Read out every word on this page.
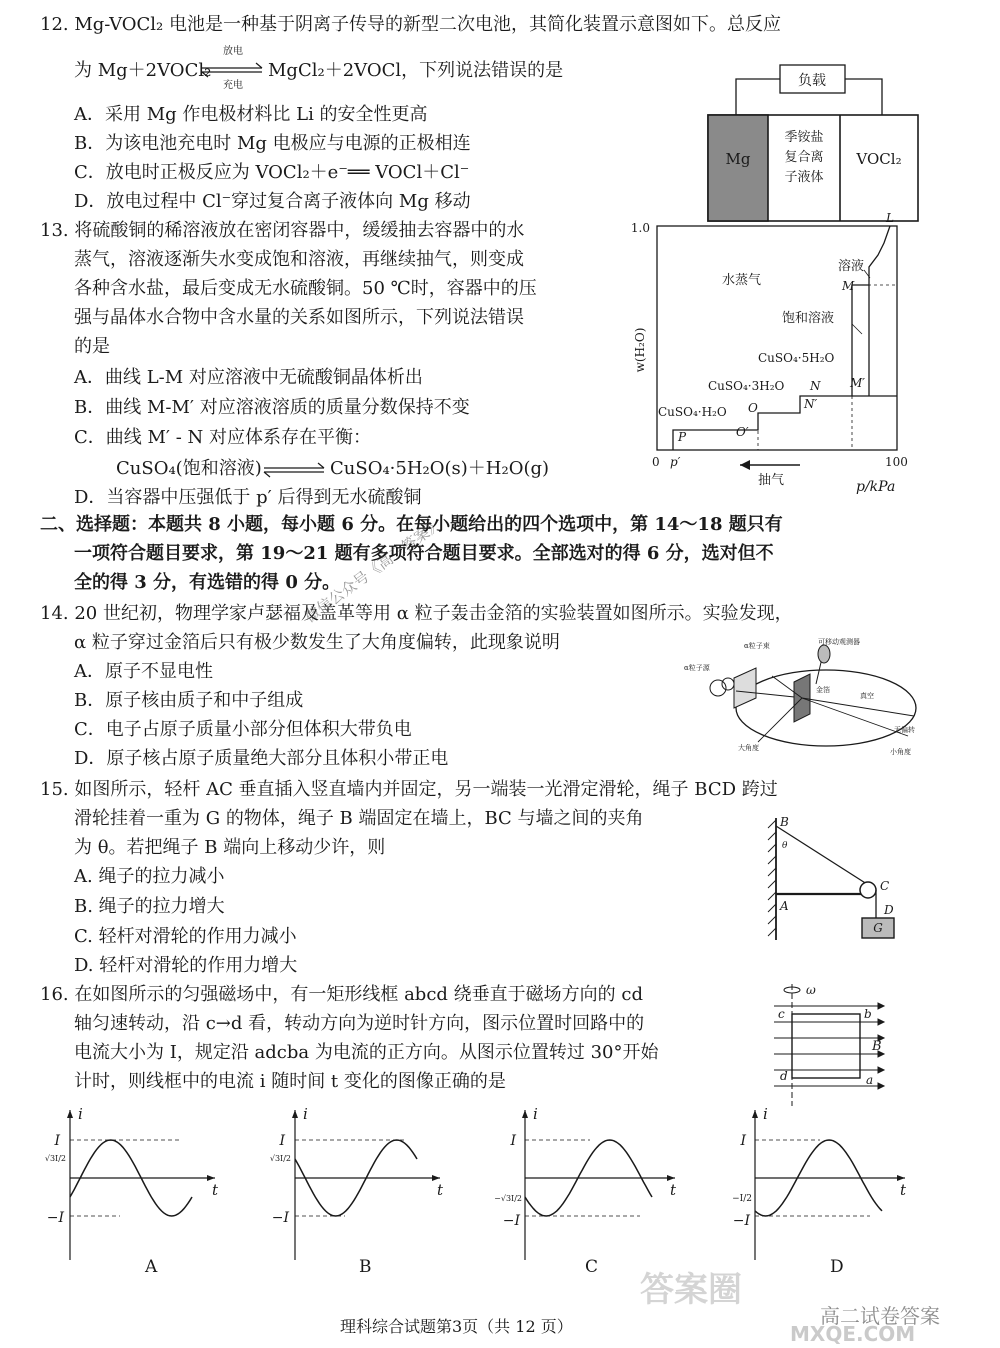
12. Mg-VOCl₂ 电池是一种基于阴离子传导的新型二次电池，其简化装置示意图如下。总反应
为 Mg＋2VOCl₂
放电
充电
MgCl₂＋2VOCl，下列说法错误的是
A．采用 Mg 作电极材料比 Li 的安全性更高
B．为该电池充电时 Mg 电极应与电源的正极相连
C．放电时正极反应为 VOCl₂＋e⁻══ VOCl＋Cl⁻
D．放电过程中 Cl⁻穿过复合离子液体向 Mg 移动
负载
Mg
季铵盐
复合离
子液体
VOCl₂
13. 将硫酸铜的稀溶液放在密闭容器中，缓缓抽去容器中的水
蒸气，溶液逐渐失水变成饱和溶液，再继续抽气，则变成
各种含水盐，最后变成无水硫酸铜。50 ℃时，容器中的压
强与晶体水合物中含水量的关系如图所示，下列说法错误
的是
A．曲线 L-M 对应溶液中无硫酸铜晶体析出
B．曲线 M-M′ 对应溶液溶质的质量分数保持不变
C．曲线 M′ - N 对应体系存在平衡：
CuSO₄(饱和溶液)	CuSO₄·5H₂O(s)＋H₂O(g)
D．当容器中压强低于 p′ 后得到无水硫酸铜
1.0
w(H₂O)
L
溶液
水蒸气	M
饱和溶液
CuSO₄·5H₂O
M′
CuSO₄·3H₂O N
N′
CuSO₄·H₂O O
O′
P
0 p′	100
抽气	p/kPa
二、选择题：本题共 8 小题，每小题 6 分。在每小题给出的四个选项中，第 14～18 题只有
一项符合题目要求，第 19～21 题有多项符合题目要求。全部选对的得 6 分，选对但不
全的得 3 分，有选错的得 0 分。
14. 20 世纪初，物理学家卢瑟福及盖革等用 α 粒子轰击金箔的实验装置如图所示。实验发现，
α 粒子穿过金箔后只有极少数发生了大角度偏转，此现象说明
A．原子不显电性
B．原子核由质子和中子组成
C．电子占原子质量小部分但体积大带负电
D．原子核占原子质量绝大部分且体积小带正电
α粒子源
α粒子束	可移动观测器
金箔
真空
大角度	小角度
无偏转
15. 如图所示，轻杆 AC 垂直插入竖直墙内并固定，另一端装一光滑定滑轮，绳子 BCD 跨过
滑轮挂着一重为 G 的物体，绳子 B 端固定在墙上，BC 与墙之间的夹角
为 θ。若把绳子 B 端向上移动少许，则
A. 绳子的拉力减小
B. 绳子的拉力增大
C. 轻杆对滑轮的作用力减小
D. 轻杆对滑轮的作用力增大
B
θ
A
C
D
G
16. 在如图所示的匀强磁场中，有一矩形线框 abcd 绕垂直于磁场方向的 cd
轴匀速转动，沿 c→d 看，转动方向为逆时针方向，图示位置时回路中的
电流大小为 I，规定沿 adcba 为电流的正方向。从图示位置转过 30°开始
计时，则线框中的电流 i 随时间 t 变化的图像正确的是
ω
c	b
B
d	a
i
I
√3I/2
−I
t
A
i
I
√3I/2
−I
t
B
i
I
−√3I/2
−I
t
C
i
I
−I/2
−I
t
D
理科综合试题第3页（共 12 页）
微信公众号《高三答案》
答案圈
高二试卷答案
MXQE.COM
